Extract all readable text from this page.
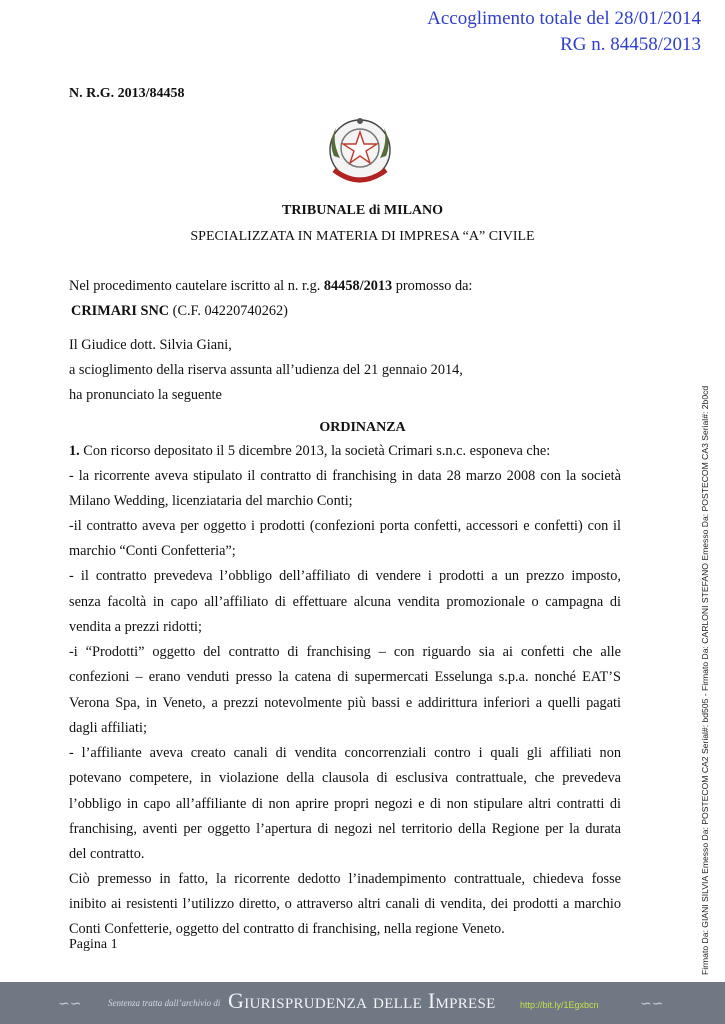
Accoglimento totale del 28/01/2014
RG n. 84458/2013
N. R.G. 2013/84458
TRIBUNALE di MILANO
SPECIALIZZATA IN MATERIA DI IMPRESA “A” CIVILE
Nel procedimento cautelare iscritto al n. r.g. 84458/2013 promosso da:
CRIMARI SNC (C.F. 04220740262)
Il Giudice dott. Silvia Giani,
a scioglimento della riserva assunta all’udienza del 21 gennaio 2014,
ha pronunciato la seguente
1. Con ricorso depositato il 5 dicembre 2013, la società Crimari s.n.c. esponeva che:
- la ricorrente aveva stipulato il contratto di franchising in data 28 marzo 2008 con la società
Milano Wedding, licenziataria del marchio Conti;
-il contratto aveva per oggetto i prodotti (confezioni porta confetti, accessori e confetti) con il
marchio “Conti Confetteria”;
- il contratto prevedeva l’obbligo dell’affiliato di vendere i prodotti a un prezzo imposto,
senza facoltà in capo all’affiliato di effettuare alcuna vendita promozionale o campagna di
vendita a prezzi ridotti;
-i “Prodotti” oggetto del contratto di franchising – con riguardo sia ai confetti che alle
confezioni – erano venduti presso la catena di supermercati Esselunga s.p.a. nonché EAT’S
Verona Spa, in Veneto, a prezzi notevolmente più bassi e addirittura inferiori a quelli pagati
dagli affiliati;
- l’affiliante aveva creato canali di vendita concorrenziali contro i quali gli affiliati non
potevano competere, in violazione della clausola di esclusiva contrattuale, che prevedeva
l’obbligo in capo all’affiliante di non aprire propri negozi e di non stipulare altri contratti di
franchising, aventi per oggetto l’apertura di negozi nel territorio della Regione per la durata
del contratto.
Ciò premesso in fatto, la ricorrente dedotto l’inadempimento contrattuale, chiedeva fosse
inibito ai resistenti l’utilizzo diretto, o attraverso altri canali di vendita, dei prodotti a marchio
Conti Confetterie, oggetto del contratto di franchising, nella regione Veneto.
ORDINANZA
Pagina 1	Firmato Da: GIANI SILVIA Emesso Da: POSTECOM CA2 Serial#: bd505 - Firmato Da: CARLONI STEFANO Emesso Da: POSTECOM CA3 Serial#: 2b0cd
∽∽	Sentenza tratta dall’archivio di Giurisprudenza delle Imprese	http://bit.ly/1Egxbcn	∽∽
